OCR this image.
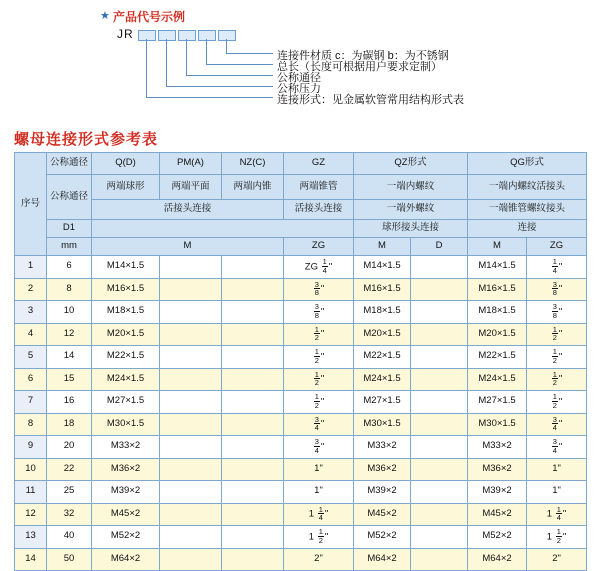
★ 产品代号示例
JR
连接件材质 c：为碳钢 b：为不锈钢
总长（长度可根据用户要求定制）
公称通径
公称压力
连接形式：见金属软管常用结构形式表
螺母连接形式参考表
序号	公称通径	Q(D)	PM(A)	NZ(C)	GZ	QZ形式		QG形式	
	公称通径	两端球形	两端平面	两端内锥	两端锥管	一端内螺纹		一端内螺纹活接头	
		活接头连接			活接头连接	一端外螺纹		一端锥管螺纹接头	
	D1					球形接头连接		连接	
	mm	M			ZG	M	D	M	ZG
1	6	M14×1.5			ZG $\frac{1}{4}$ "	M14×1.5		M14×1.5	$\frac{1}{4}$ "
2	8	M16×1.5			$\frac{3}{8}$ "	M16×1.5		M16×1.5	$\frac{3}{8}$ "
3	10	M18×1.5			$\frac{3}{8}$ "	M18×1.5		M18×1.5	$\frac{3}{8}$ "
4	12	M20×1.5			$\frac{1}{2}$ "	M20×1.5		M20×1.5	$\frac{1}{2}$ "
5	14	M22×1.5			$\frac{1}{2}$ "	M22×1.5		M22×1.5	$\frac{1}{2}$ "
6	15	M24×1.5			$\frac{1}{2}$ "	M24×1.5		M24×1.5	$\frac{1}{2}$ "
7	16	M27×1.5			$\frac{1}{2}$ "	M27×1.5		M27×1.5	$\frac{1}{2}$ "
8	18	M30×1.5			$\frac{3}{4}$ "	M30×1.5		M30×1.5	$\frac{3}{4}$ "
9	20	M33×2			$\frac{3}{4}$ "	M33×2		M33×2	$\frac{3}{4}$ "
10	22	M36×2			1"	M36×2		M36×2	1"
11	25	M39×2			1"	M39×2		M39×2	1"
12	32	M45×2			$1 \frac{1}{4}$ "	M45×2		M45×2	$1 \frac{1}{4}$ "
13	40	M52×2			$1 \frac{1}{2}$ "	M52×2		M52×2	$1 \frac{1}{2}$ "
14	50	M64×2			2"	M64×2		M64×2	2"
